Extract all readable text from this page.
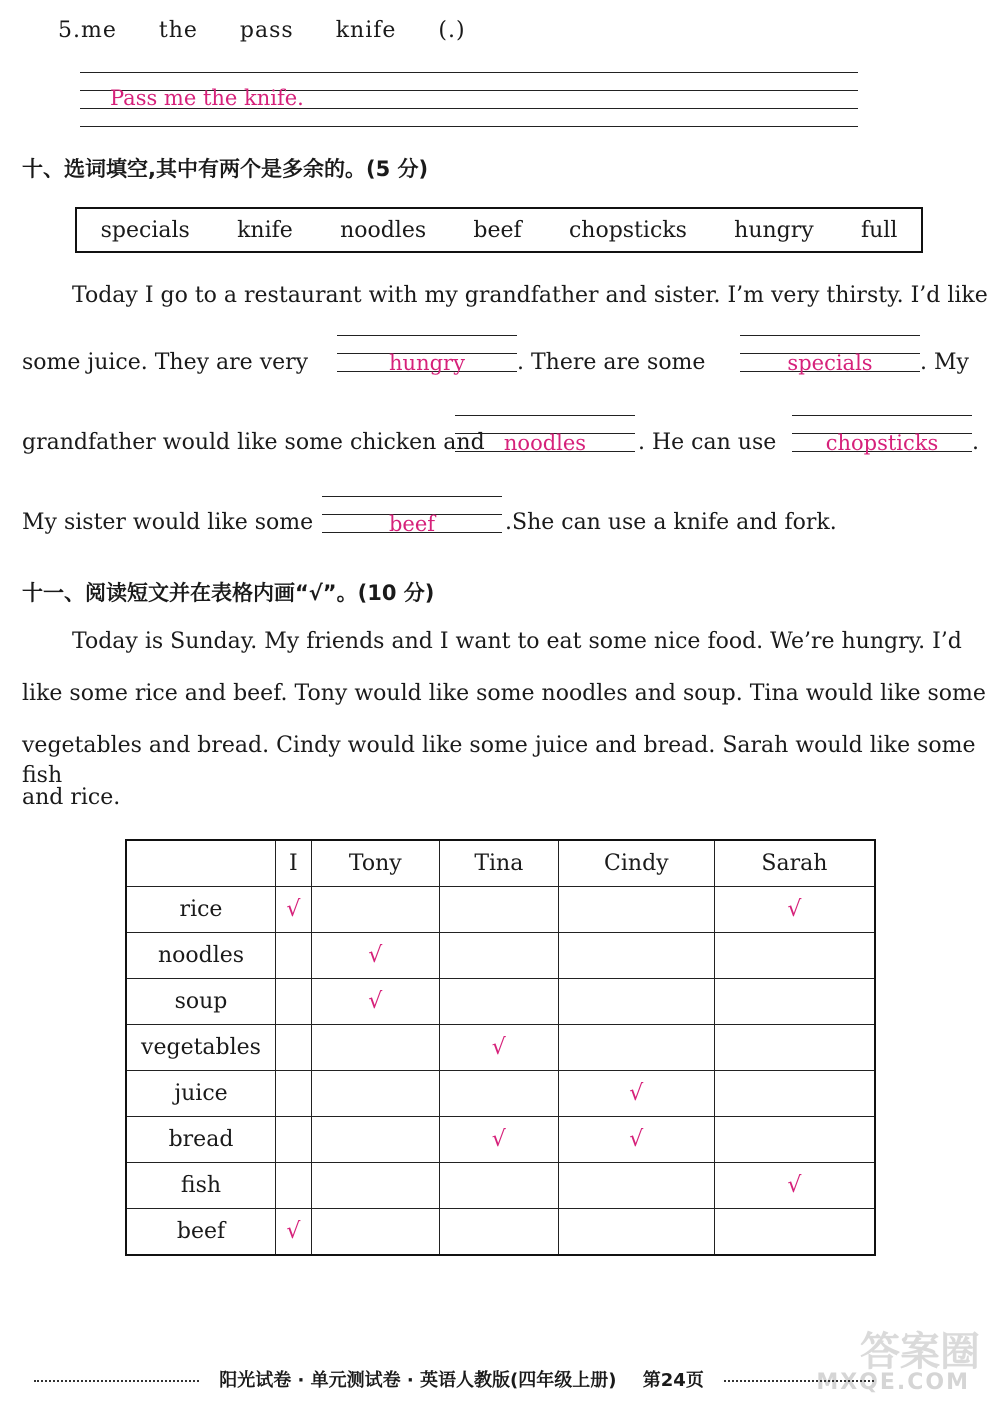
5.me the pass knife (.)
Pass me the knife.
十、选词填空,其中有两个是多余的。(5 分)
specials knife noodles beef chopsticks hungry full
Today I go to a restaurant with my grandfather and sister. I’m very thirsty. I’d like
some juice. They are very	hungry	. There are some	specials	. My
grandfather would like some chicken and noodles	. He can use	chopsticks	.
My sister would like some	beef	.She can use a knife and fork.
十一、阅读短文并在表格内画“√”。(10 分)
Today is Sunday. My friends and I want to eat some nice food. We’re hungry. I’d
like some rice and beef. Tony would like some noodles and soup. Tina would like some
vegetables and bread. Cindy would like some juice and bread. Sarah would like some fish
and rice.
	I	Tony	Tina	Cindy	Sarah
rice	√				√
noodles		√			
soup		√			
vegetables			√		
juice				√	
bread			√	√	
fish					√
beef	√				
答案圈
MXQE.COM
阳光试卷 · 单元测试卷 · 英语人教版(四年级上册) 第24页
